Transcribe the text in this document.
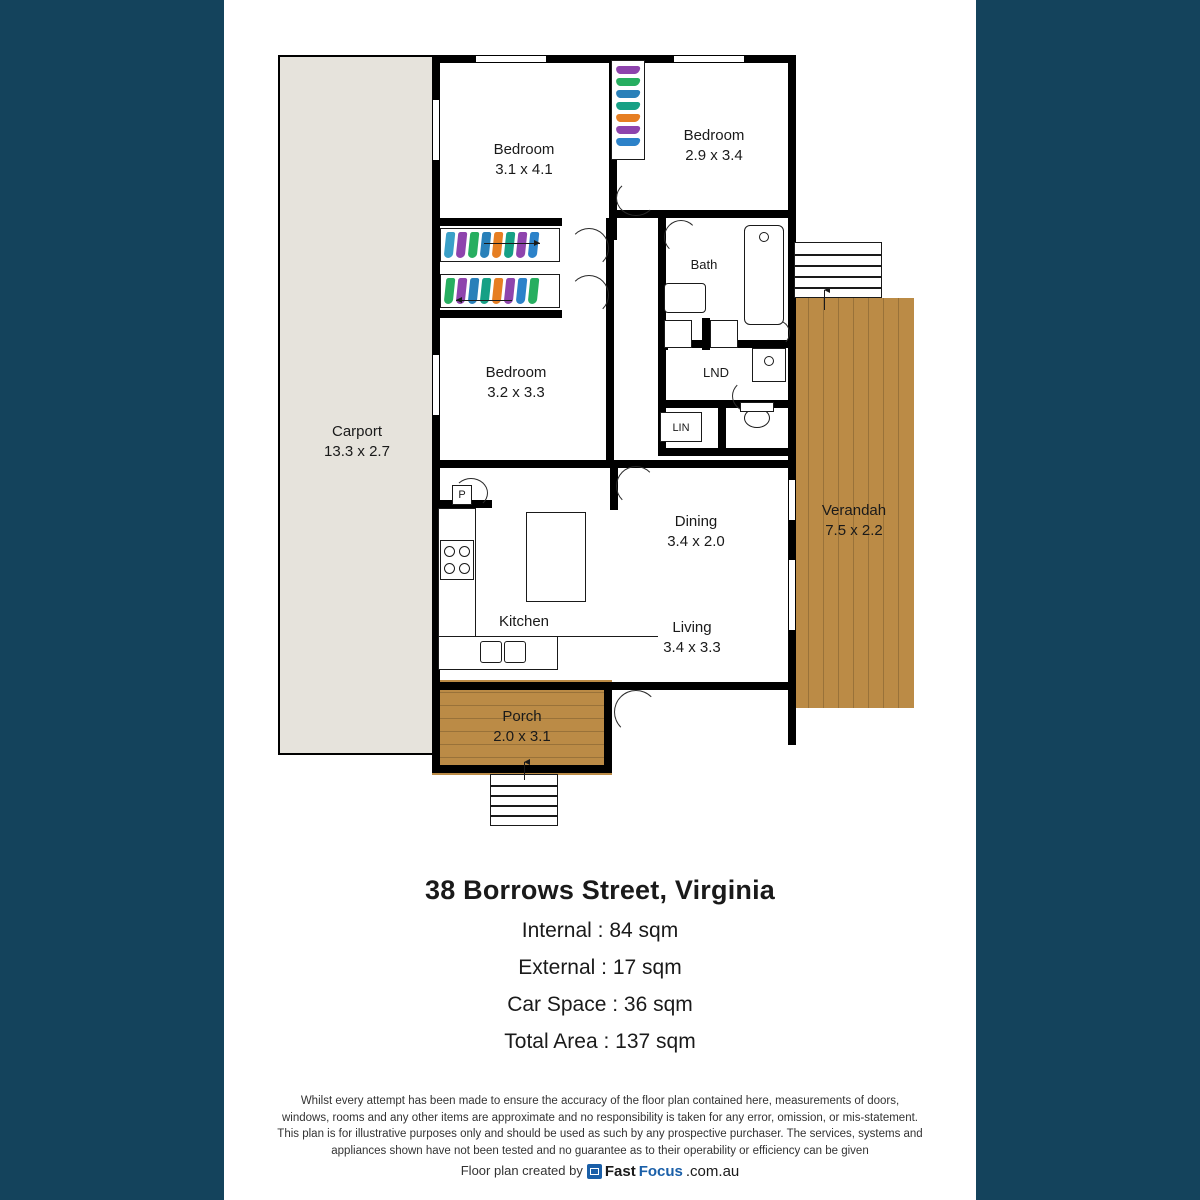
P
Bedroom
3.1 x 4.1
Bedroom
2.9 x 3.4
Bedroom
3.2 x 3.3
Bath
LND
LIN
Carport
13.3 x 2.7
Dining
3.4 x 2.0
Living
3.4 x 3.3
Kitchen
Verandah
7.5 x 2.2
Porch
2.0 x 3.1
38 Borrows Street, Virginia
Internal : 84 sqm
External : 17 sqm
Car Space : 36 sqm
Total Area : 137 sqm
Whilst every attempt has been made to ensure the accuracy of the floor plan contained here, measurements of doors, windows, rooms and any other items are approximate and no responsibility is taken for any error, omission, or mis-statement. This plan is for illustrative purposes only and should be used as such by any prospective purchaser. The services, systems and appliances shown have not been tested and no guarantee as to their operability or efficiency can be given
Floor plan created by Fast Focus .com.au
